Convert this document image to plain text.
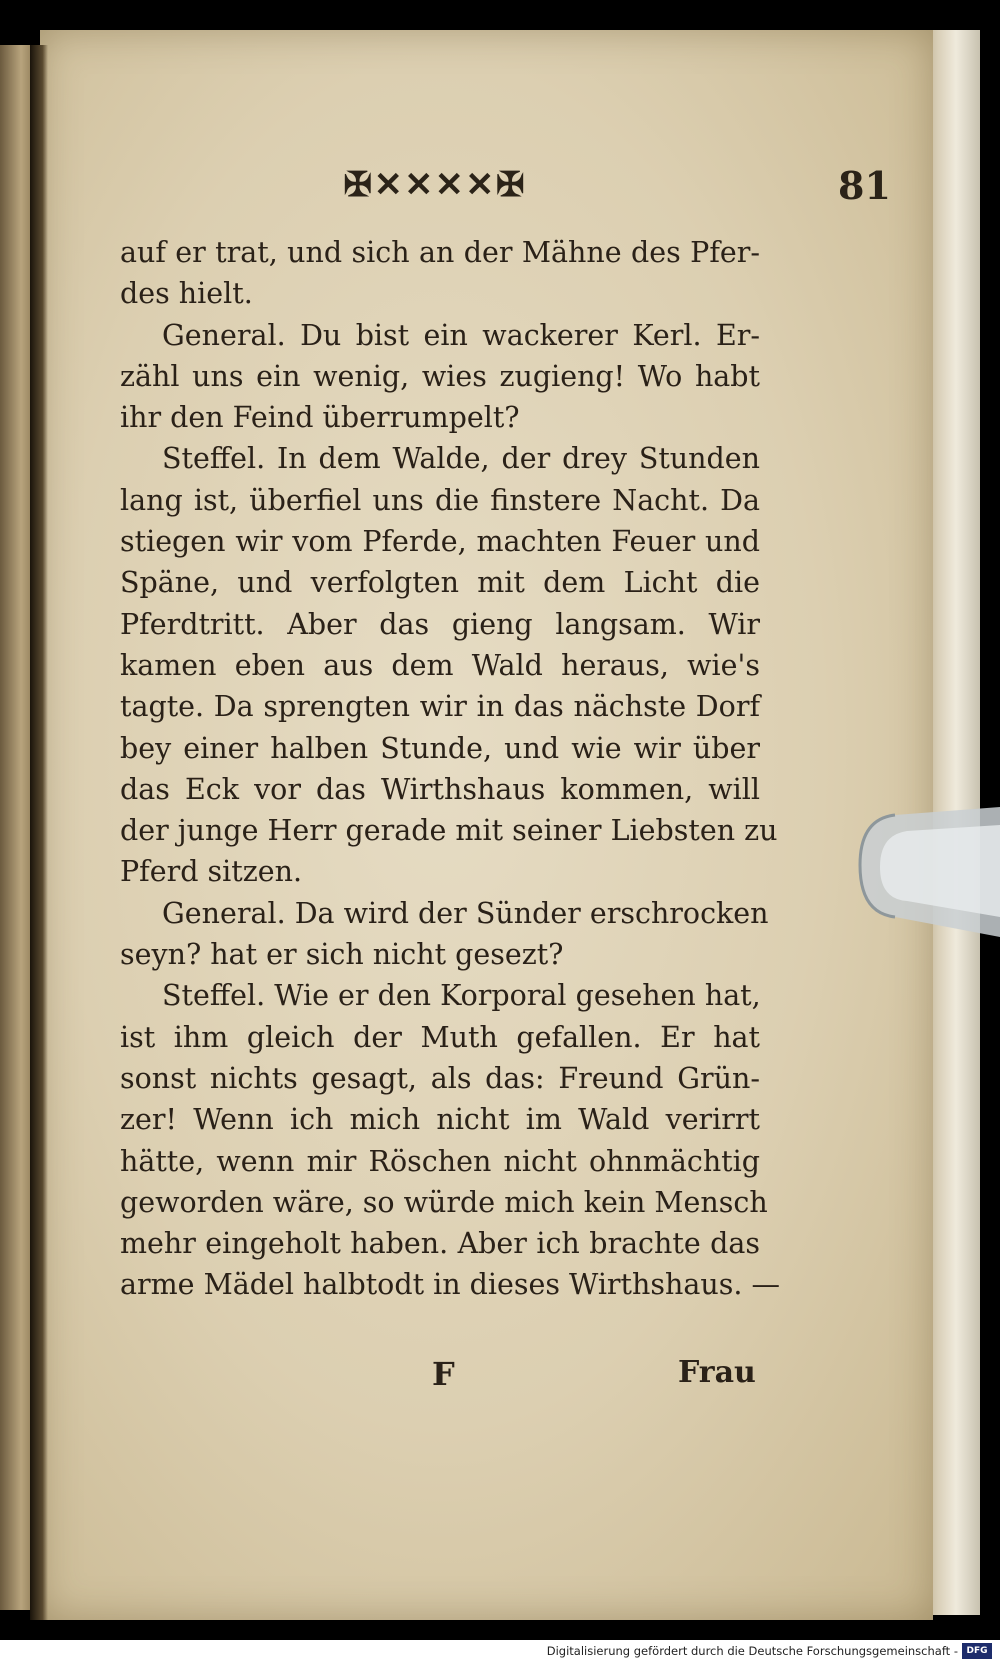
✠✕✕✕✕✠	81
auf er trat, und sich an der Mähne des Pfer-
des hielt.
General. Du bist ein wackerer Kerl. Er-
zähl uns ein wenig, wies zugieng! Wo habt
ihr den Feind überrumpelt?
Steffel. In dem Walde, der drey Stunden
lang ist, überfiel uns die finstere Nacht. Da
stiegen wir vom Pferde, machten Feuer und
Späne, und verfolgten mit dem Licht die
Pferdtritt. Aber das gieng langsam. Wir
kamen eben aus dem Wald heraus, wie's
tagte. Da sprengten wir in das nächste Dorf
bey einer halben Stunde, und wie wir über
das Eck vor das Wirthshaus kommen, will
der junge Herr gerade mit seiner Liebsten zu
Pferd sitzen.
General. Da wird der Sünder erschrocken
seyn? hat er sich nicht gesezt?
Steffel. Wie er den Korporal gesehen hat,
ist ihm gleich der Muth gefallen. Er hat
sonst nichts gesagt, als das: Freund Grün-
zer! Wenn ich mich nicht im Wald verirrt
hätte, wenn mir Röschen nicht ohnmächtig
geworden wäre, so würde mich kein Mensch
mehr eingeholt haben. Aber ich brachte das
arme Mädel halbtodt in dieses Wirthshaus. —
F	Frau
Digitalisierung gefördert durch die Deutsche Forschungsgemeinschaft - DFG
